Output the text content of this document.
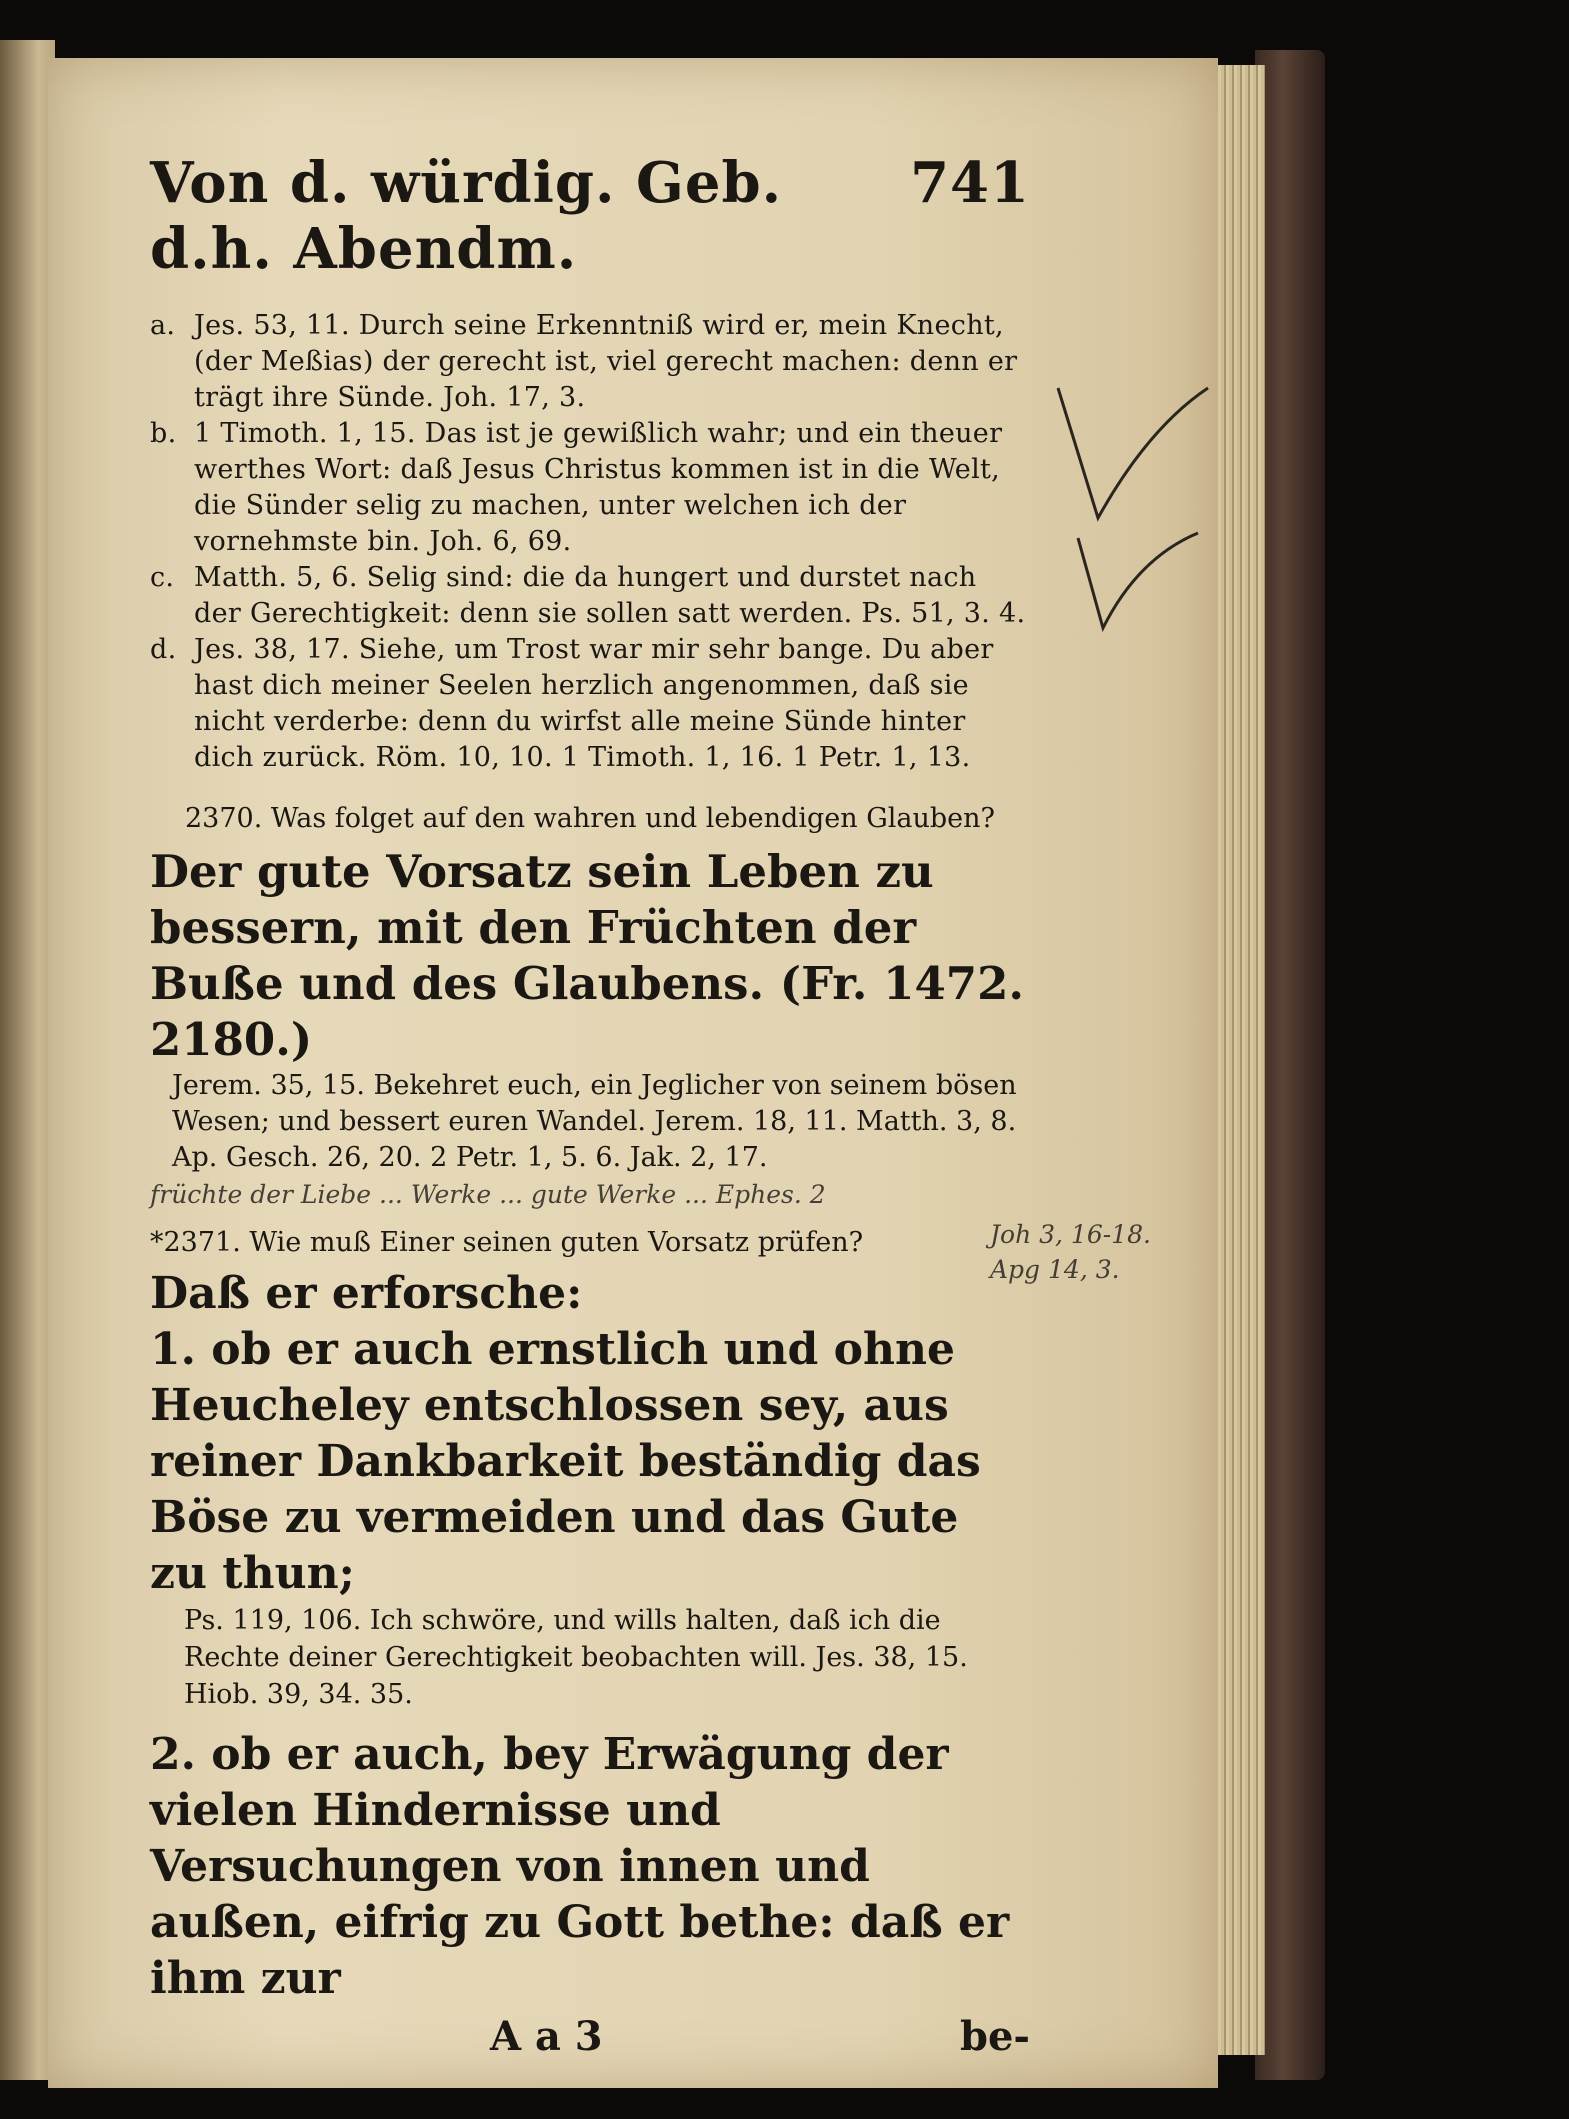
Von d. würdig. Geb. d.h. Abendm.
741

a. Jes. 53, 11. Durch seine Erkenntniß wird er, mein Knecht, (der Meßias) der gerecht ist, viel gerecht machen: denn er trägt ihre Sünde. Joh. 17, 3.

b. 1 Timoth. 1, 15. Das ist je gewißlich wahr; und ein theuer werthes Wort: daß Jesus Christus kommen ist in die Welt, die Sünder selig zu machen, unter welchen ich der vornehmste bin. Joh. 6, 69.

c. Matth. 5, 6. Selig sind: die da hungert und durstet nach der Gerechtigkeit: denn sie sollen satt werden. Ps. 51, 3. 4.

d. Jes. 38, 17. Siehe, um Trost war mir sehr bange. Du aber hast dich meiner Seelen herzlich angenommen, daß sie nicht verderbe: denn du wirfst alle meine Sünde hinter dich zurück. Röm. 10, 10. 1 Timoth. 1, 16. 1 Petr. 1, 13.

2370. Was folget auf den wahren und lebendigen Glauben?

Der gute Vorsatz sein Leben zu bessern, mit den Früchten der Buße und des Glaubens. (Fr. 1472. 2180.)

Jerem. 35, 15. Bekehret euch, ein Jeglicher von seinem bösen Wesen; und bessert euren Wandel. Jerem. 18, 11. Matth. 3, 8. Ap. Gesch. 26, 20. 2 Petr. 1, 5. 6. Jak. 2, 17.

früchte der Liebe ... Werke ... gute Werke ... Ephes. 2
Joh 3, 16-18.
Apg 14, 3.

*2371. Wie muß Einer seinen guten Vorsatz prüfen?

Daß er erforsche:

1. ob er auch ernstlich und ohne Heucheley entschlossen sey, aus reiner Dankbarkeit beständig das Böse zu vermeiden und das Gute zu thun;

Ps. 119, 106. Ich schwöre, und wills halten, daß ich die Rechte deiner Gerechtigkeit beobachten will. Jes. 38, 15. Hiob. 39, 34. 35.

2. ob er auch, bey Erwägung der vielen Hindernisse und Versuchungen von innen und außen, eifrig zu Gott bethe: daß er ihm zur

A a 3	be-
